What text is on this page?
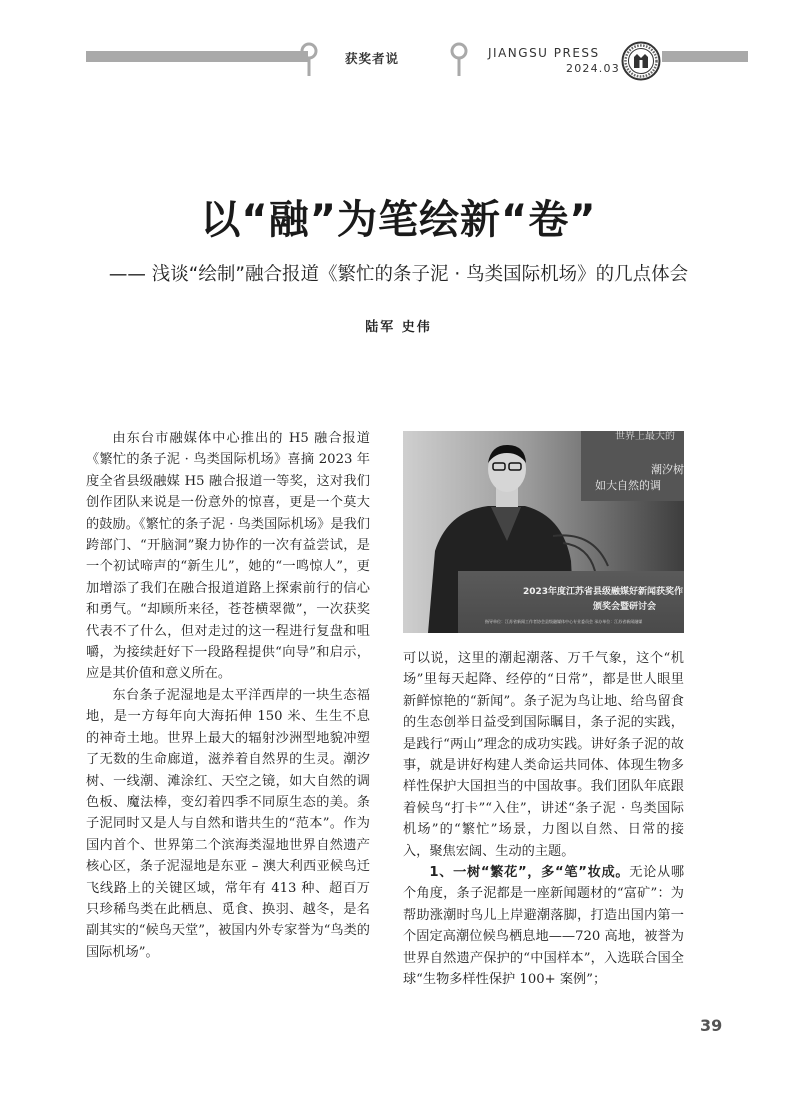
获奖者说	JIANGSU PRESS
2024.03
以“融”为笔绘新“卷”
—— 浅谈“绘制”融合报道《繁忙的条子泥 · 鸟类国际机场》的几点体会
陆军 史伟

由东台市融媒体中心推出的 H5 融合报道《繁忙的条子泥 · 鸟类国际机场》喜摘 2023 年度全省县级融媒 H5 融合报道一等奖，这对我们创作团队来说是一份意外的惊喜，更是一个莫大的鼓励。《繁忙的条子泥 · 鸟类国际机场》是我们跨部门、“开脑洞”聚力协作的一次有益尝试，是一个初试啼声的“新生儿”，她的“一鸣惊人”，更加增添了我们在融合报道道路上探索前行的信心和勇气。“却顾所来径，苍苍横翠微”，一次获奖代表不了什么，但对走过的这一程进行复盘和咀嚼，为接续赶好下一段路程提供“向导”和启示，应是其价值和意义所在。

东台条子泥湿地是太平洋西岸的一块生态福地，是一方每年向大海拓伸 150 米、生生不息的神奇土地。世界上最大的辐射沙洲型地貌冲塑了无数的生命廊道，滋养着自然界的生灵。潮汐树、一线潮、滩涂红、天空之镜，如大自然的调色板、魔法棒，变幻着四季不同原生态的美。条子泥同时又是人与自然和谐共生的“范本”。作为国内首个、世界第二个滨海类湿地世界自然遗产核心区，条子泥湿地是东亚 – 澳大利西亚候鸟迁飞线路上的关键区域，常年有 413 种、超百万只珍稀鸟类在此栖息、觅食、换羽、越冬，是名副其实的“候鸟天堂”，被国内外专家誉为“鸟类的国际机场”。

世界上最大的
潮汐树
如大自然的调
2023年度江苏省县级融媒好新闻获奖作
颁奖会暨研讨会
指导单位：江苏省新闻工作者协会县级融媒体中心专业委员会 承办单位：江苏省新闻融媒

可以说，这里的潮起潮落、万千气象，这个“机场”里每天起降、经停的“日常”，都是世人眼里新鲜惊艳的“新闻”。条子泥为鸟让地、给鸟留食的生态创举日益受到国际瞩目，条子泥的实践，是践行“两山”理念的成功实践。讲好条子泥的故事，就是讲好构建人类命运共同体、体现生物多样性保护大国担当的中国故事。我们团队年底跟着候鸟“打卡”“入住”，讲述“条子泥 · 鸟类国际机场”的“繁忙”场景，力图以自然、日常的接入，聚焦宏阔、生动的主题。

1、一树“繁花”，多“笔”妆成。无论从哪个角度，条子泥都是一座新闻题材的“富矿”：为帮助涨潮时鸟儿上岸避潮落脚，打造出国内第一个固定高潮位候鸟栖息地——720 高地，被誉为世界自然遗产保护的“中国样本”，入选联合国全球“生物多样性保护 100+ 案例”；

39
